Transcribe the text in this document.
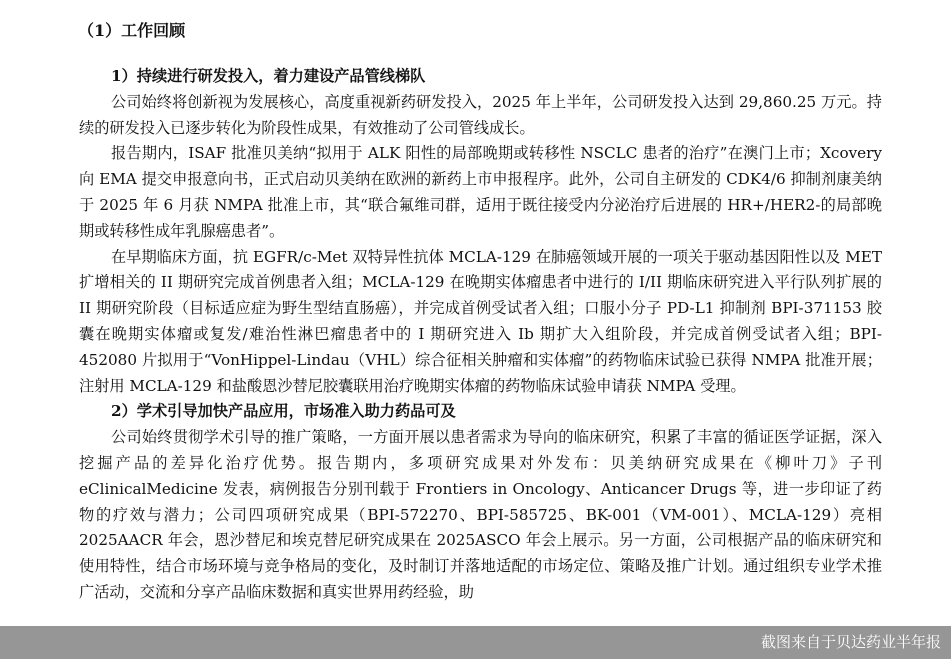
（1）工作回顾

1）持续进行研发投入，着力建设产品管线梯队

公司始终将创新视为发展核心，高度重视新药研发投入，2025 年上半年，公司研发投入达到 29,860.25 万元。持续的研发投入已逐步转化为阶段性成果，有效推动了公司管线成长。

报告期内，ISAF 批准贝美纳“拟用于 ALK 阳性的局部晚期或转移性 NSCLC 患者的治疗”在澳门上市；Xcovery 向 EMA 提交申报意向书，正式启动贝美纳在欧洲的新药上市申报程序。此外，公司自主研发的 CDK4/6 抑制剂康美纳于 2025 年 6 月获 NMPA 批准上市，其“联合氟维司群，适用于既往接受内分泌治疗后进展的 HR+/HER2-的局部晚期或转移性成年乳腺癌患者”。

在早期临床方面，抗 EGFR/c-Met 双特异性抗体 MCLA-129 在肺癌领域开展的一项关于驱动基因阳性以及 MET 扩增相关的 II 期研究完成首例患者入组；MCLA-129 在晚期实体瘤患者中进行的 I/II 期临床研究进入平行队列扩展的 II 期研究阶段（目标适应症为野生型结直肠癌），并完成首例受试者入组；口服小分子 PD-L1 抑制剂 BPI-371153 胶囊在晚期实体瘤或复发/难治性淋巴瘤患者中的 I 期研究进入 Ib 期扩大入组阶段，并完成首例受试者入组；BPI-452080 片拟用于“VonHippel-Lindau（VHL）综合征相关肿瘤和实体瘤”的药物临床试验已获得 NMPA 批准开展；注射用 MCLA-129 和盐酸恩沙替尼胶囊联用治疗晚期实体瘤的药物临床试验申请获 NMPA 受理。

2）学术引导加快产品应用，市场准入助力药品可及

公司始终贯彻学术引导的推广策略，一方面开展以患者需求为导向的临床研究，积累了丰富的循证医学证据，深入挖掘产品的差异化治疗优势。报告期内，多项研究成果对外发布：贝美纳研究成果在《柳叶刀》子刊 eClinicalMedicine 发表，病例报告分别刊载于 Frontiers in Oncology、Anticancer Drugs 等，进一步印证了药物的疗效与潜力；公司四项研究成果（BPI-572270、BPI-585725、BK-001（VM-001）、MCLA-129）亮相 2025AACR 年会，恩沙替尼和埃克替尼研究成果在 2025ASCO 年会上展示。另一方面，公司根据产品的临床研究和使用特性，结合市场环境与竞争格局的变化，及时制订并落地适配的市场定位、策略及推广计划。通过组织专业学术推广活动，交流和分享产品临床数据和真实世界用药经验，助

截图来自于贝达药业半年报
